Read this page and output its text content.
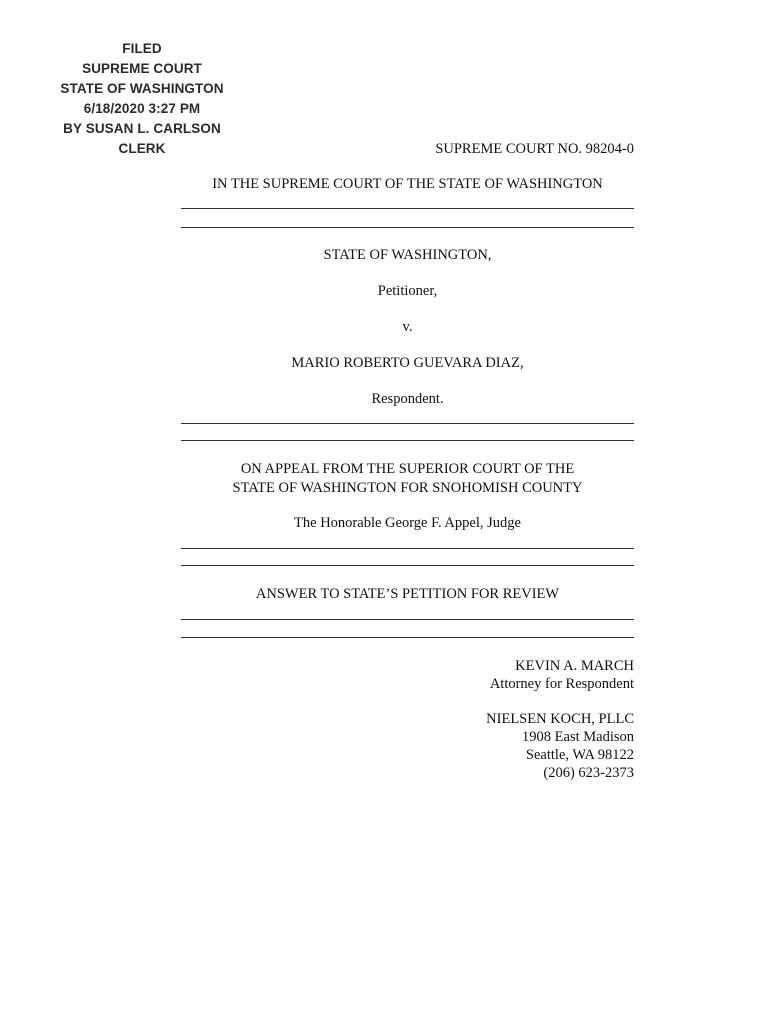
FILED
SUPREME COURT
STATE OF WASHINGTON
6/18/2020 3:27 PM
BY SUSAN L. CARLSON
CLERK	SUPREME COURT NO. 98204-0
IN THE SUPREME COURT OF THE STATE OF WASHINGTON
STATE OF WASHINGTON,
Petitioner,
v.
MARIO ROBERTO GUEVARA DIAZ,
Respondent.
ON APPEAL FROM THE SUPERIOR COURT OF THE
STATE OF WASHINGTON FOR SNOHOMISH COUNTY
The Honorable George F. Appel, Judge
ANSWER TO STATE’S PETITION FOR REVIEW
KEVIN A. MARCH
Attorney for Respondent
NIELSEN KOCH, PLLC
1908 East Madison
Seattle, WA 98122
(206) 623-2373
